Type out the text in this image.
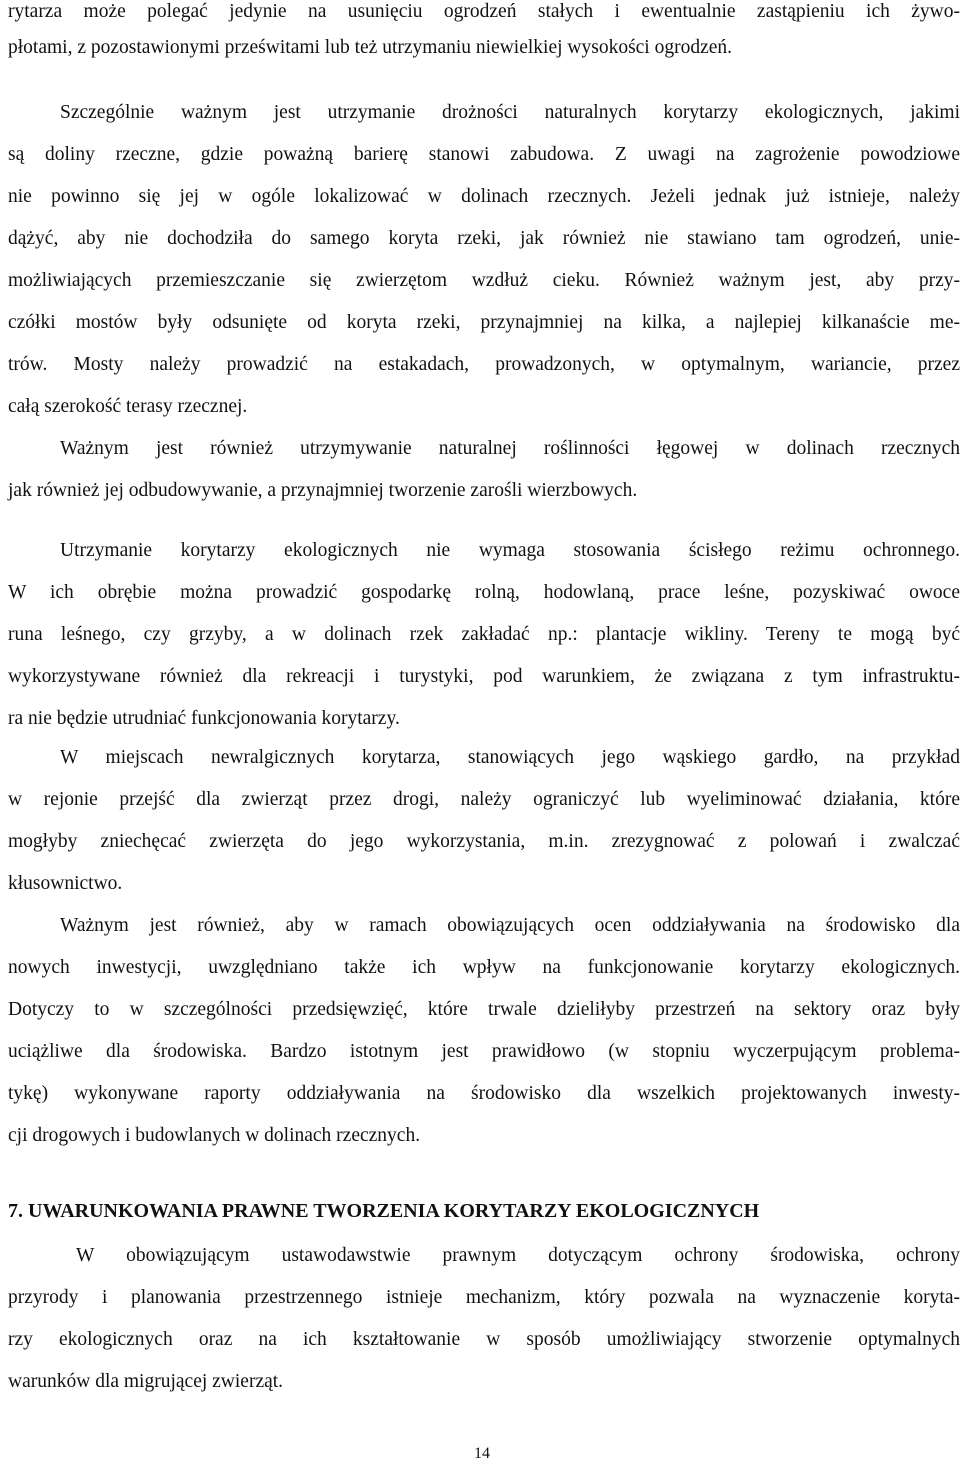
rytarza może polegać jedynie na usunięciu ogrodzeń stałych i ewentualnie zastąpieniu ich żywo-
płotami, z pozostawionymi prześwitami lub też utrzymaniu niewielkiej wysokości ogrodzeń.
Szczególnie ważnym jest utrzymanie drożności naturalnych korytarzy ekologicznych, jakimi
są doliny rzeczne, gdzie poważną barierę stanowi zabudowa. Z uwagi na zagrożenie powodziowe
nie powinno się jej w ogóle lokalizować w dolinach rzecznych. Jeżeli jednak już istnieje, należy
dążyć, aby nie dochodziła do samego koryta rzeki, jak również nie stawiano tam ogrodzeń, unie-
możliwiających przemieszczanie się zwierzętom wzdłuż cieku. Również ważnym jest, aby przy-
czółki mostów były odsunięte od koryta rzeki, przynajmniej na kilka, a najlepiej kilkanaście me-
trów. Mosty należy prowadzić na estakadach, prowadzonych, w optymalnym, wariancie, przez
całą szerokość terasy rzecznej.
Ważnym jest również utrzymywanie naturalnej roślinności łęgowej w dolinach rzecznych
jak również jej odbudowywanie, a przynajmniej tworzenie zarośli wierzbowych.
Utrzymanie korytarzy ekologicznych nie wymaga stosowania ścisłego reżimu ochronnego.
W ich obrębie można prowadzić gospodarkę rolną, hodowlaną, prace leśne, pozyskiwać owoce
runa leśnego, czy grzyby, a w dolinach rzek zakładać np.: plantacje wikliny. Tereny te mogą być
wykorzystywane również dla rekreacji i turystyki, pod warunkiem, że związana z tym infrastruktu-
ra nie będzie utrudniać funkcjonowania korytarzy.
W miejscach newralgicznych korytarza, stanowiących jego wąskiego gardło, na przykład
w rejonie przejść dla zwierząt przez drogi, należy ograniczyć lub wyeliminować działania, które
mogłyby zniechęcać zwierzęta do jego wykorzystania, m.in. zrezygnować z polowań i zwalczać
kłusownictwo.
Ważnym jest również, aby w ramach obowiązujących ocen oddziaływania na środowisko dla
nowych inwestycji, uwzględniano także ich wpływ na funkcjonowanie korytarzy ekologicznych.
Dotyczy to w szczególności przedsięwzięć, które trwale dzieliłyby przestrzeń na sektory oraz były
uciążliwe dla środowiska. Bardzo istotnym jest prawidłowo (w stopniu wyczerpującym problema-
tykę) wykonywane raporty oddziaływania na środowisko dla wszelkich projektowanych inwesty-
cji drogowych i budowlanych w dolinach rzecznych.
7. UWARUNKOWANIA PRAWNE TWORZENIA KORYTARZY EKOLOGICZNYCH
W obowiązującym ustawodawstwie prawnym dotyczącym ochrony środowiska, ochrony
przyrody i planowania przestrzennego istnieje mechanizm, który pozwala na wyznaczenie koryta-
rzy ekologicznych oraz na ich kształtowanie w sposób umożliwiający stworzenie optymalnych
warunków dla migrującej zwierząt.
14
